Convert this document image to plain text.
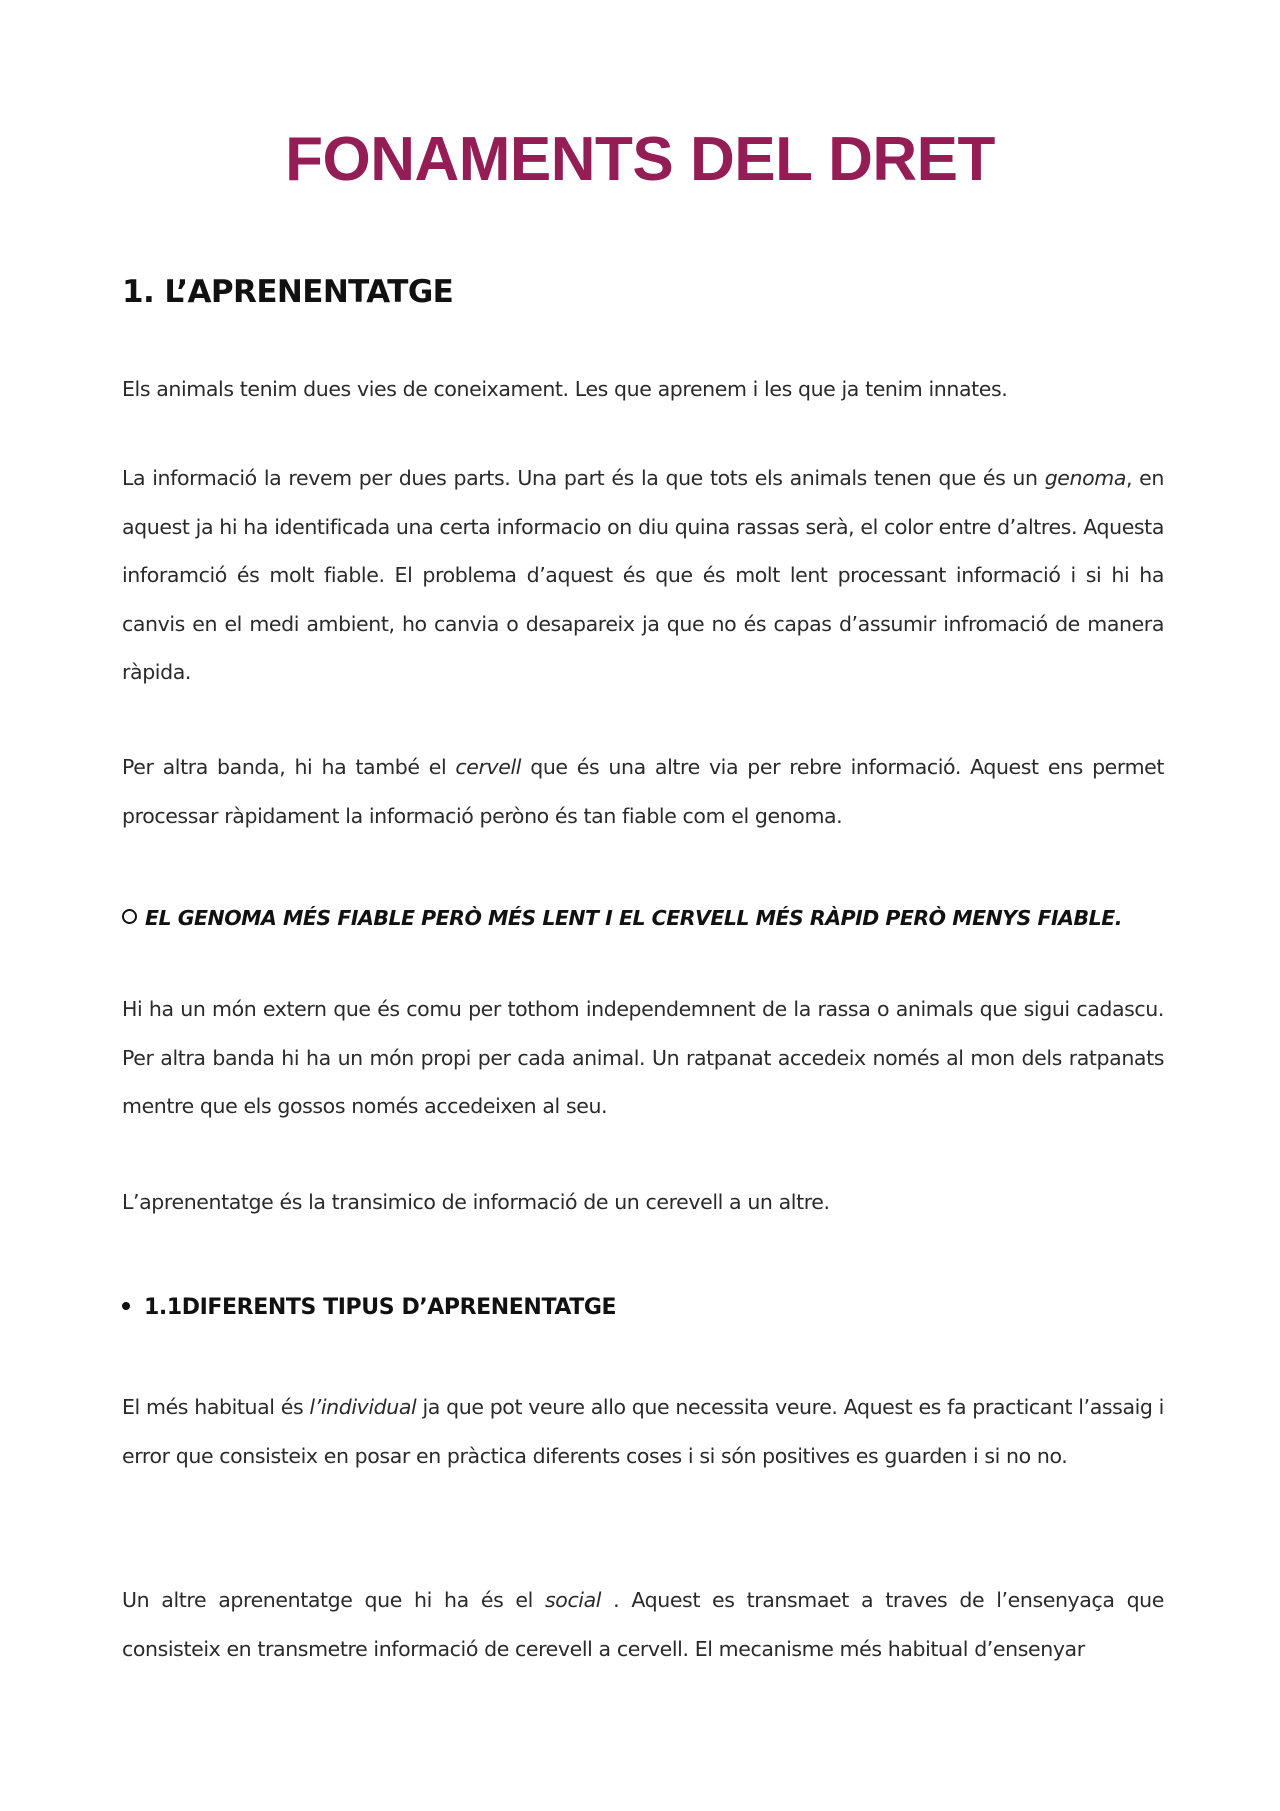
FONAMENTS DEL DRET
1. L’APRENENTATGE

Els animals tenim dues vies de coneixament. Les que aprenem i les que ja tenim innates.

La informació la revem per dues parts. Una part és la que tots els animals tenen que és un genoma, en aquest ja hi ha identificada una certa informacio on diu quina rassas serà, el color entre d’altres. Aquesta inforamció és molt fiable. El problema d’aquest és que és molt lent processant informació i si hi ha canvis en el medi ambient, ho canvia o desapareix ja que no és capas d’assumir infromació de manera ràpida.

Per altra banda, hi ha també el cervell que és una altre via per rebre informació. Aquest ens permet processar ràpidament la informació peròno és tan fiable com el genoma.

EL GENOMA MÉS FIABLE PERÒ MÉS LENT I EL CERVELL MÉS RÀPID PERÒ MENYS FIABLE.

Hi ha un món extern que és comu per tothom independemnent de la rassa o animals que sigui cadascu. Per altra banda hi ha un món propi per cada animal. Un ratpanat accedeix només al mon dels ratpanats mentre que els gossos només accedeixen al seu.

L’aprenentatge és la transimico de informació de un cerevell a un altre.

1.1DIFERENTS TIPUS D’APRENENTATGE

El més habitual és l’individual ja que pot veure allo que necessita veure. Aquest es fa practicant l’assaig i error que consisteix en posar en pràctica diferents coses i si són positives es guarden i si no no.

Un altre aprenentatge que hi ha és el social . Aquest es transmaet a traves de l’ensenyaça que consisteix en transmetre informació de cerevell a cervell. El mecanisme més habitual d’ensenyar
